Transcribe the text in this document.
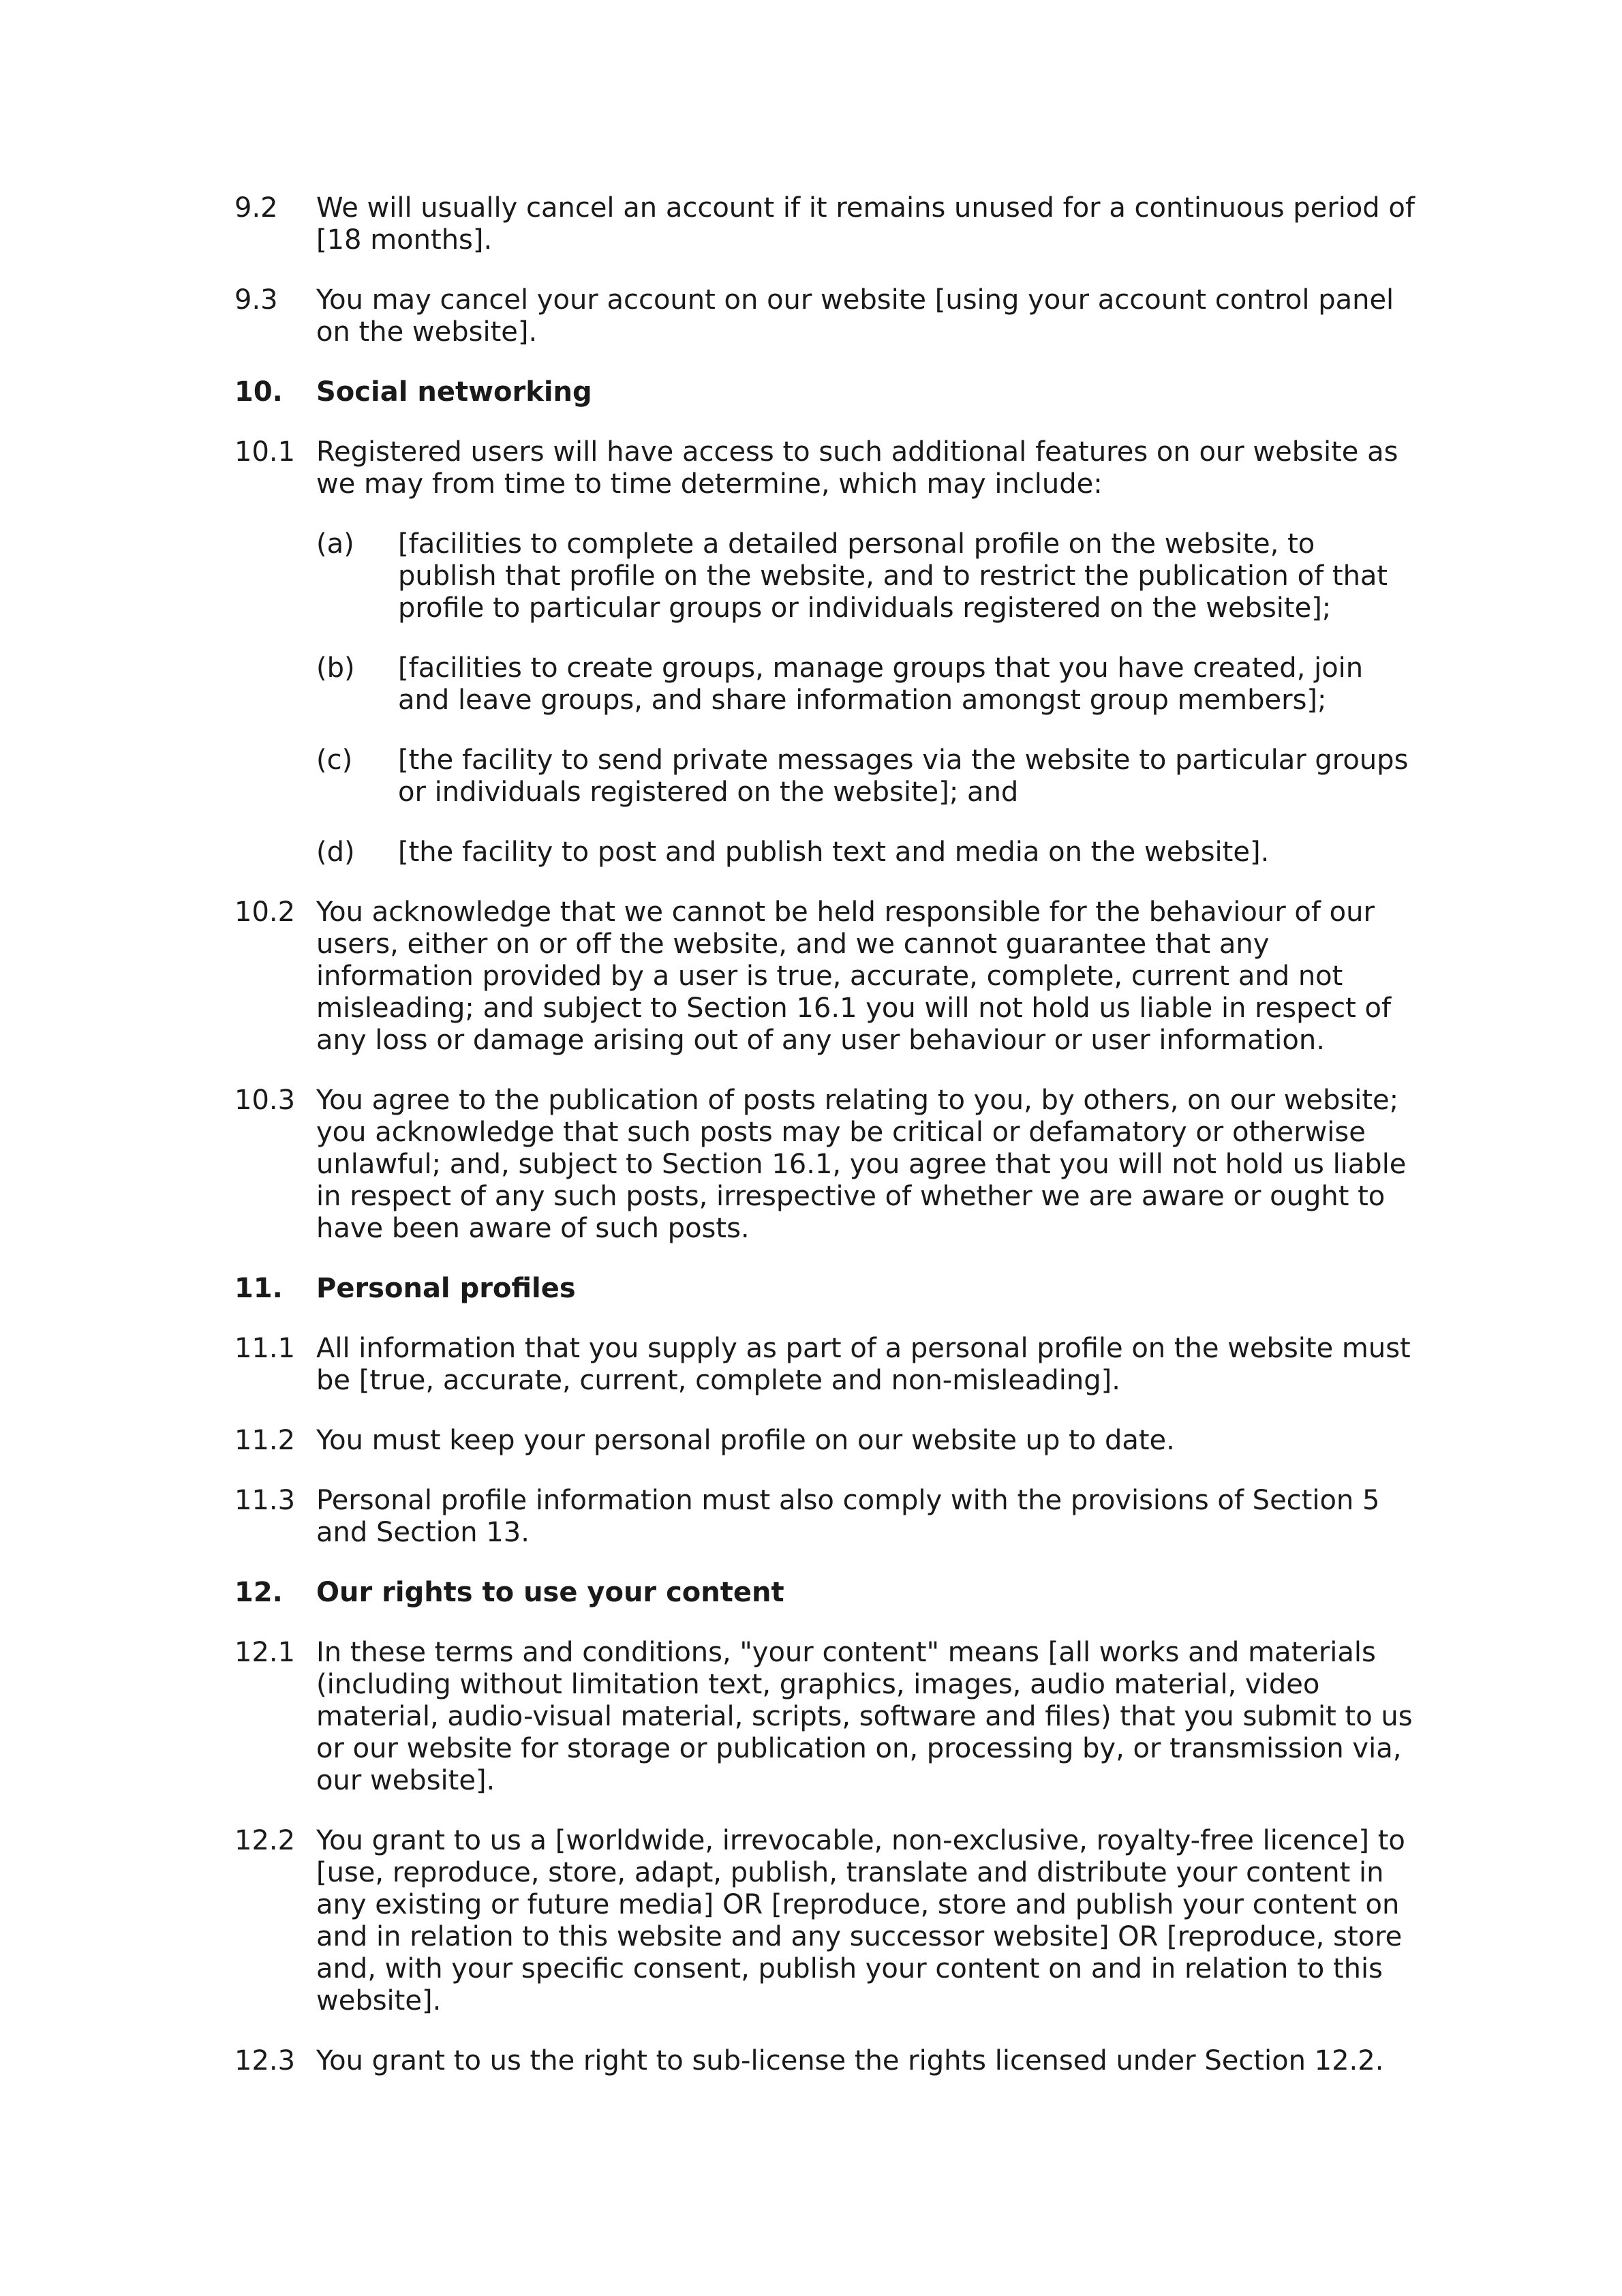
9.2 We will usually cancel an account if it remains unused for a continuous period of [18 months].
9.3 You may cancel your account on our website [using your account control panel on the website].
10. Social networking
10.1 Registered users will have access to such additional features on our website as we may from time to time determine, which may include:
(a) [facilities to complete a detailed personal profile on the website, to publish that profile on the website, and to restrict the publication of that profile to particular groups or individuals registered on the website];
(b) [facilities to create groups, manage groups that you have created, join and leave groups, and share information amongst group members];
(c) [the facility to send private messages via the website to particular groups or individuals registered on the website]; and
(d) [the facility to post and publish text and media on the website].
10.2 You acknowledge that we cannot be held responsible for the behaviour of our users, either on or off the website, and we cannot guarantee that any information provided by a user is true, accurate, complete, current and not misleading; and subject to Section 16.1 you will not hold us liable in respect of any loss or damage arising out of any user behaviour or user information.
10.3 You agree to the publication of posts relating to you, by others, on our website; you acknowledge that such posts may be critical or defamatory or otherwise unlawful; and, subject to Section 16.1, you agree that you will not hold us liable in respect of any such posts, irrespective of whether we are aware or ought to have been aware of such posts.
11. Personal profiles
11.1 All information that you supply as part of a personal profile on the website must be [true, accurate, current, complete and non-misleading].
11.2 You must keep your personal profile on our website up to date.
11.3 Personal profile information must also comply with the provisions of Section 5 and Section 13.
12. Our rights to use your content
12.1 In these terms and conditions, "your content" means [all works and materials (including without limitation text, graphics, images, audio material, video material, audio-visual material, scripts, software and files) that you submit to us or our website for storage or publication on, processing by, or transmission via, our website].
12.2 You grant to us a [worldwide, irrevocable, non-exclusive, royalty-free licence] to [use, reproduce, store, adapt, publish, translate and distribute your content in any existing or future media] OR [reproduce, store and publish your content on and in relation to this website and any successor website] OR [reproduce, store and, with your specific consent, publish your content on and in relation to this website].
12.3 You grant to us the right to sub-license the rights licensed under Section 12.2.
